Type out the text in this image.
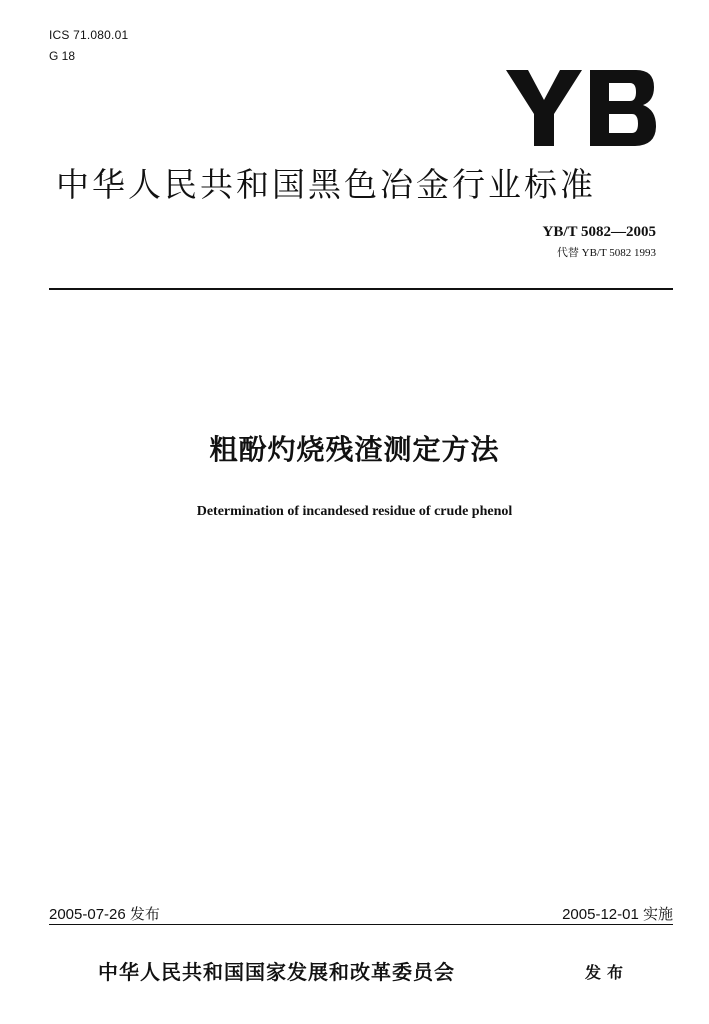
ICS 71.080.01
G 18
中华人民共和国黑色冶金行业标准
YB/T 5082—2005
代替 YB/T 5082 1993
粗酚灼烧残渣测定方法
Determination of incandesed residue of crude phenol
2005-07-26 发布	2005-12-01 实施
中华人民共和国国家发展和改革委员会	发布
